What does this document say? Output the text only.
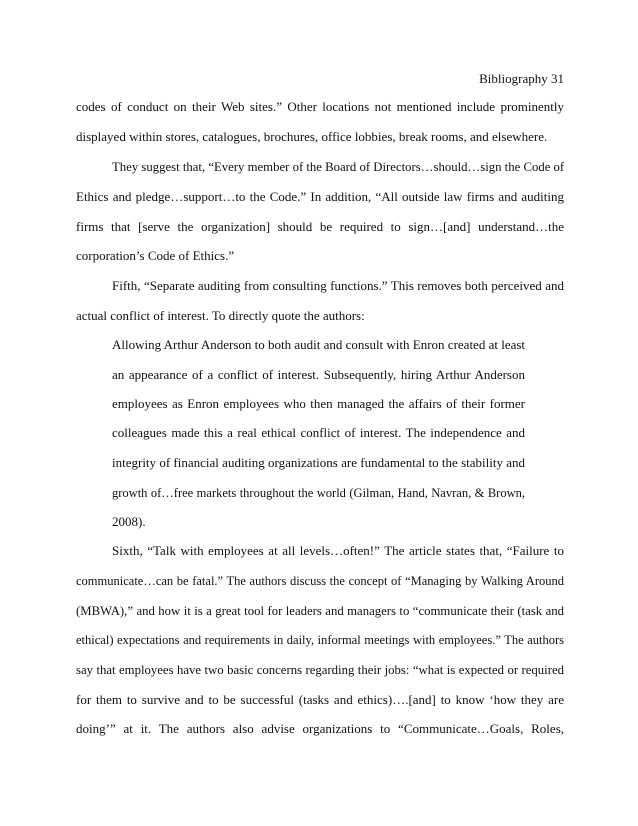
Bibliography 31
codes of conduct on their Web sites.” Other locations not mentioned include prominently
displayed within stores, catalogues, brochures, office lobbies, break rooms, and elsewhere.
They suggest that, “Every member of the Board of Directors…should…sign the Code of
Ethics and pledge…support…to the Code.” In addition, “All outside law firms and auditing
firms that [serve the organization] should be required to sign…[and] understand…the
corporation’s Code of Ethics.”
Fifth, “Separate auditing from consulting functions.” This removes both perceived and
actual conflict of interest. To directly quote the authors:
Allowing Arthur Anderson to both audit and consult with Enron created at least
an appearance of a conflict of interest. Subsequently, hiring Arthur Anderson
employees as Enron employees who then managed the affairs of their former
colleagues made this a real ethical conflict of interest. The independence and
integrity of financial auditing organizations are fundamental to the stability and
growth of…free markets throughout the world (Gilman, Hand, Navran, & Brown,
2008).
Sixth, “Talk with employees at all levels…often!” The article states that, “Failure to
communicate…can be fatal.” The authors discuss the concept of “Managing by Walking Around
(MBWA),” and how it is a great tool for leaders and managers to “communicate their (task and
ethical) expectations and requirements in daily, informal meetings with employees.” The authors
say that employees have two basic concerns regarding their jobs: “what is expected or required
for them to survive and to be successful (tasks and ethics)….[and] to know ‘how they are
doing’” at it. The authors also advise organizations to “Communicate…Goals, Roles,
